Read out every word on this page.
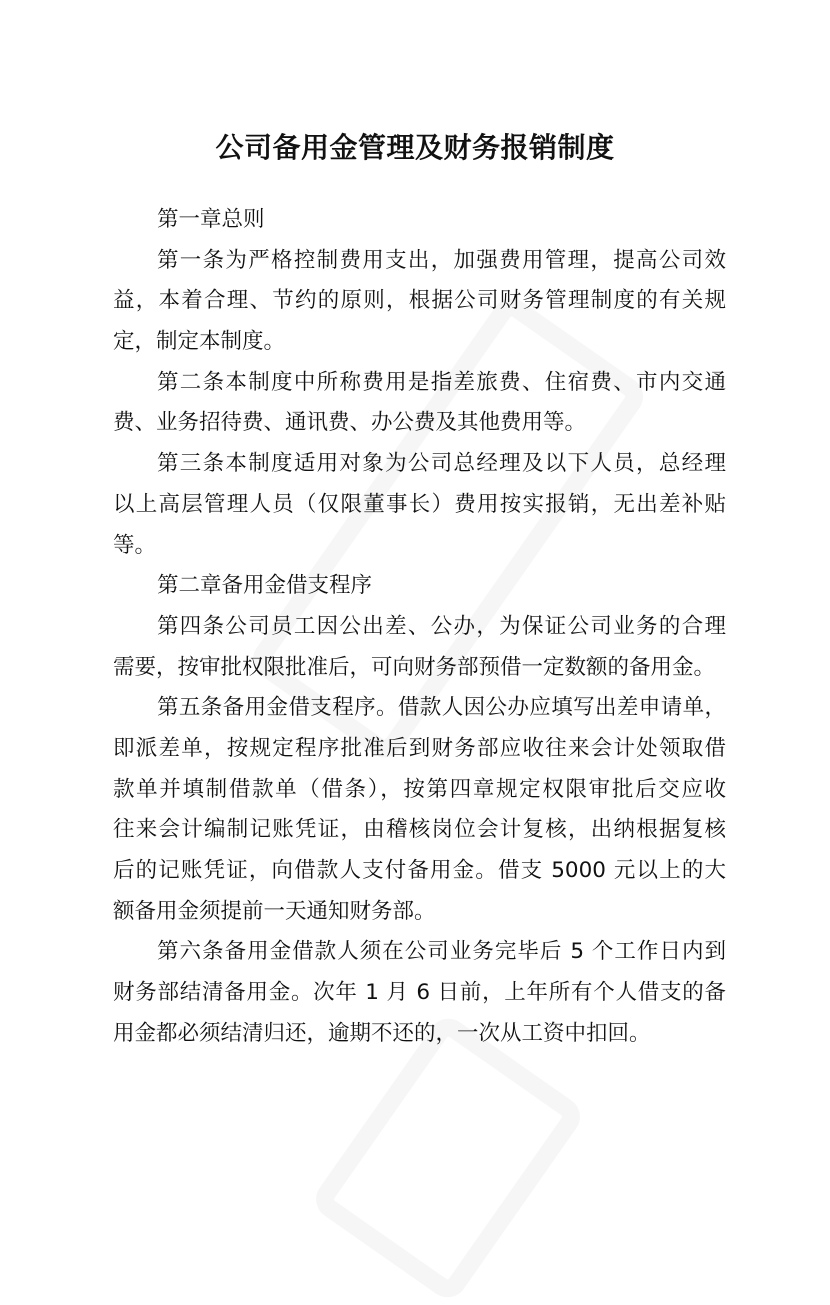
公司备用金管理及财务报销制度
第一章总则
第一条为严格控制费用支出，加强费用管理，提高公司效
益，本着合理、节约的原则，根据公司财务管理制度的有关规
定，制定本制度。
第二条本制度中所称费用是指差旅费、住宿费、市内交通
费、业务招待费、通讯费、办公费及其他费用等。
第三条本制度适用对象为公司总经理及以下人员，总经理
以上高层管理人员（仅限董事长）费用按实报销，无出差补贴
等。
第二章备用金借支程序
第四条公司员工因公出差、公办，为保证公司业务的合理
需要，按审批权限批准后，可向财务部预借一定数额的备用金。
第五条备用金借支程序。借款人因公办应填写出差申请单，
即派差单，按规定程序批准后到财务部应收往来会计处领取借
款单并填制借款单（借条），按第四章规定权限审批后交应收
往来会计编制记账凭证，由稽核岗位会计复核，出纳根据复核
后的记账凭证，向借款人支付备用金。借支 5000 元以上的大
额备用金须提前一天通知财务部。
第六条备用金借款人须在公司业务完毕后 5 个工作日内到
财务部结清备用金。次年 1 月 6 日前，上年所有个人借支的备
用金都必须结清归还，逾期不还的，一次从工资中扣回。
